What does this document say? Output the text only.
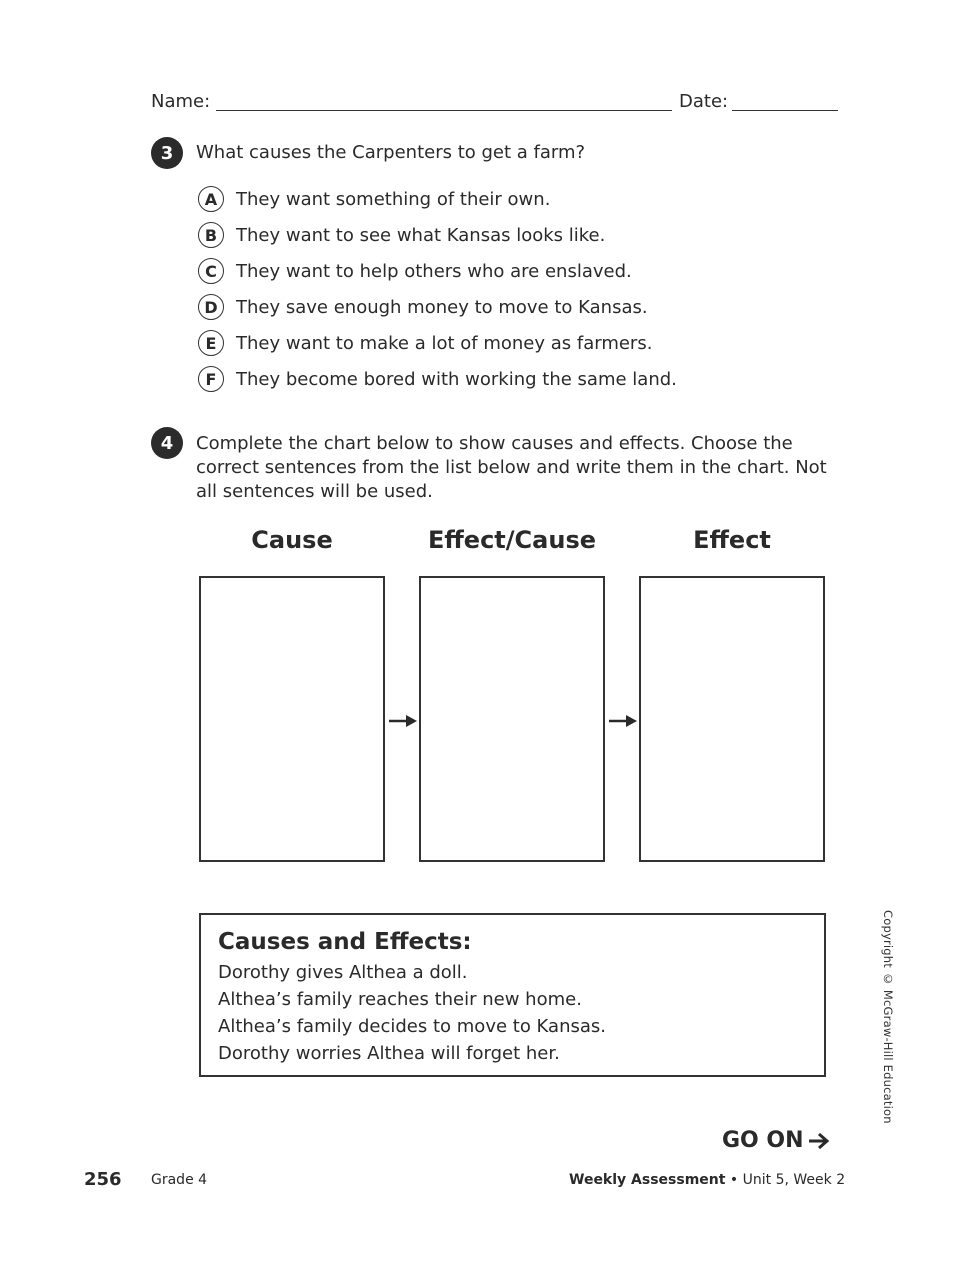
Name:	Date:
3	What causes the Carpenters to get a farm?
A	They want something of their own.
B	They want to see what Kansas looks like.
C	They want to help others who are enslaved.
D	They save enough money to move to Kansas.
E	They want to make a lot of money as farmers.
F	They become bored with working the same land.
4	Complete the chart below to show causes and effects. Choose the correct sentences from the list below and write them in the chart. Not all sentences will be used.
Cause	Effect/Cause	Effect
Causes and Effects:
Dorothy gives Althea a doll.
Althea’s family reaches their new home.
Althea’s family decides to move to Kansas.
Dorothy worries Althea will forget her.	Copyright © McGraw-Hill Education
GO ON
256 Grade 4	Weekly Assessment • Unit 5, Week 2
